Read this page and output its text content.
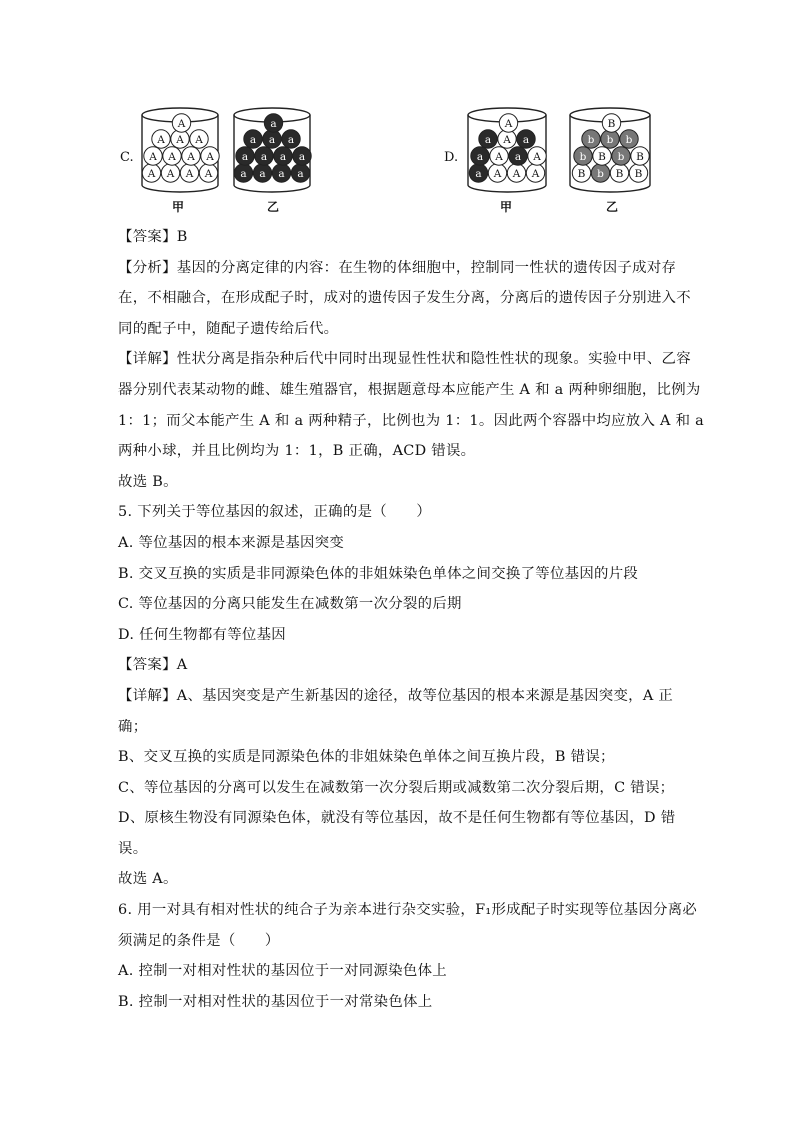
C.
A A A A
A A A A
A A A
A
甲
a a a a
a a a a
a a a
a
乙
D.
a A A A
a A a A
a A a
A
甲
B b B B
b B b B
b b b
B
乙
【答案】B
【分析】基因的分离定律的内容：在生物的体细胞中，控制同一性状的遗传因子成对存
在，不相融合，在形成配子时，成对的遗传因子发生分离，分离后的遗传因子分别进入不
同的配子中，随配子遗传给后代。
【详解】性状分离是指杂种后代中同时出现显性性状和隐性性状的现象。实验中甲、乙容
器分别代表某动物的雌、雄生殖器官，根据题意母本应能产生 A 和 a 两种卵细胞，比例为
1：1；而父本能产生 A 和 a 两种精子，比例也为 1：1。因此两个容器中均应放入 A 和 a
两种小球，并且比例均为 1：1，B 正确，ACD 错误。
故选 B。
5. 下列关于等位基因的叙述，正确的是（　　）
A. 等位基因的根本来源是基因突变
B. 交叉互换的实质是非同源染色体的非姐妹染色单体之间交换了等位基因的片段
C. 等位基因的分离只能发生在减数第一次分裂的后期
D. 任何生物都有等位基因
【答案】A
【详解】A、基因突变是产生新基因的途径，故等位基因的根本来源是基因突变，A 正
确；
B、交叉互换的实质是同源染色体的非姐妹染色单体之间互换片段，B 错误；
C、等位基因的分离可以发生在减数第一次分裂后期或减数第二次分裂后期，C 错误；
D、原核生物没有同源染色体，就没有等位基因，故不是任何生物都有等位基因，D 错
误。
故选 A。
6. 用一对具有相对性状的纯合子为亲本进行杂交实验，F₁形成配子时实现等位基因分离必
须满足的条件是（　　）
A. 控制一对相对性状的基因位于一对同源染色体上
B. 控制一对相对性状的基因位于一对常染色体上
